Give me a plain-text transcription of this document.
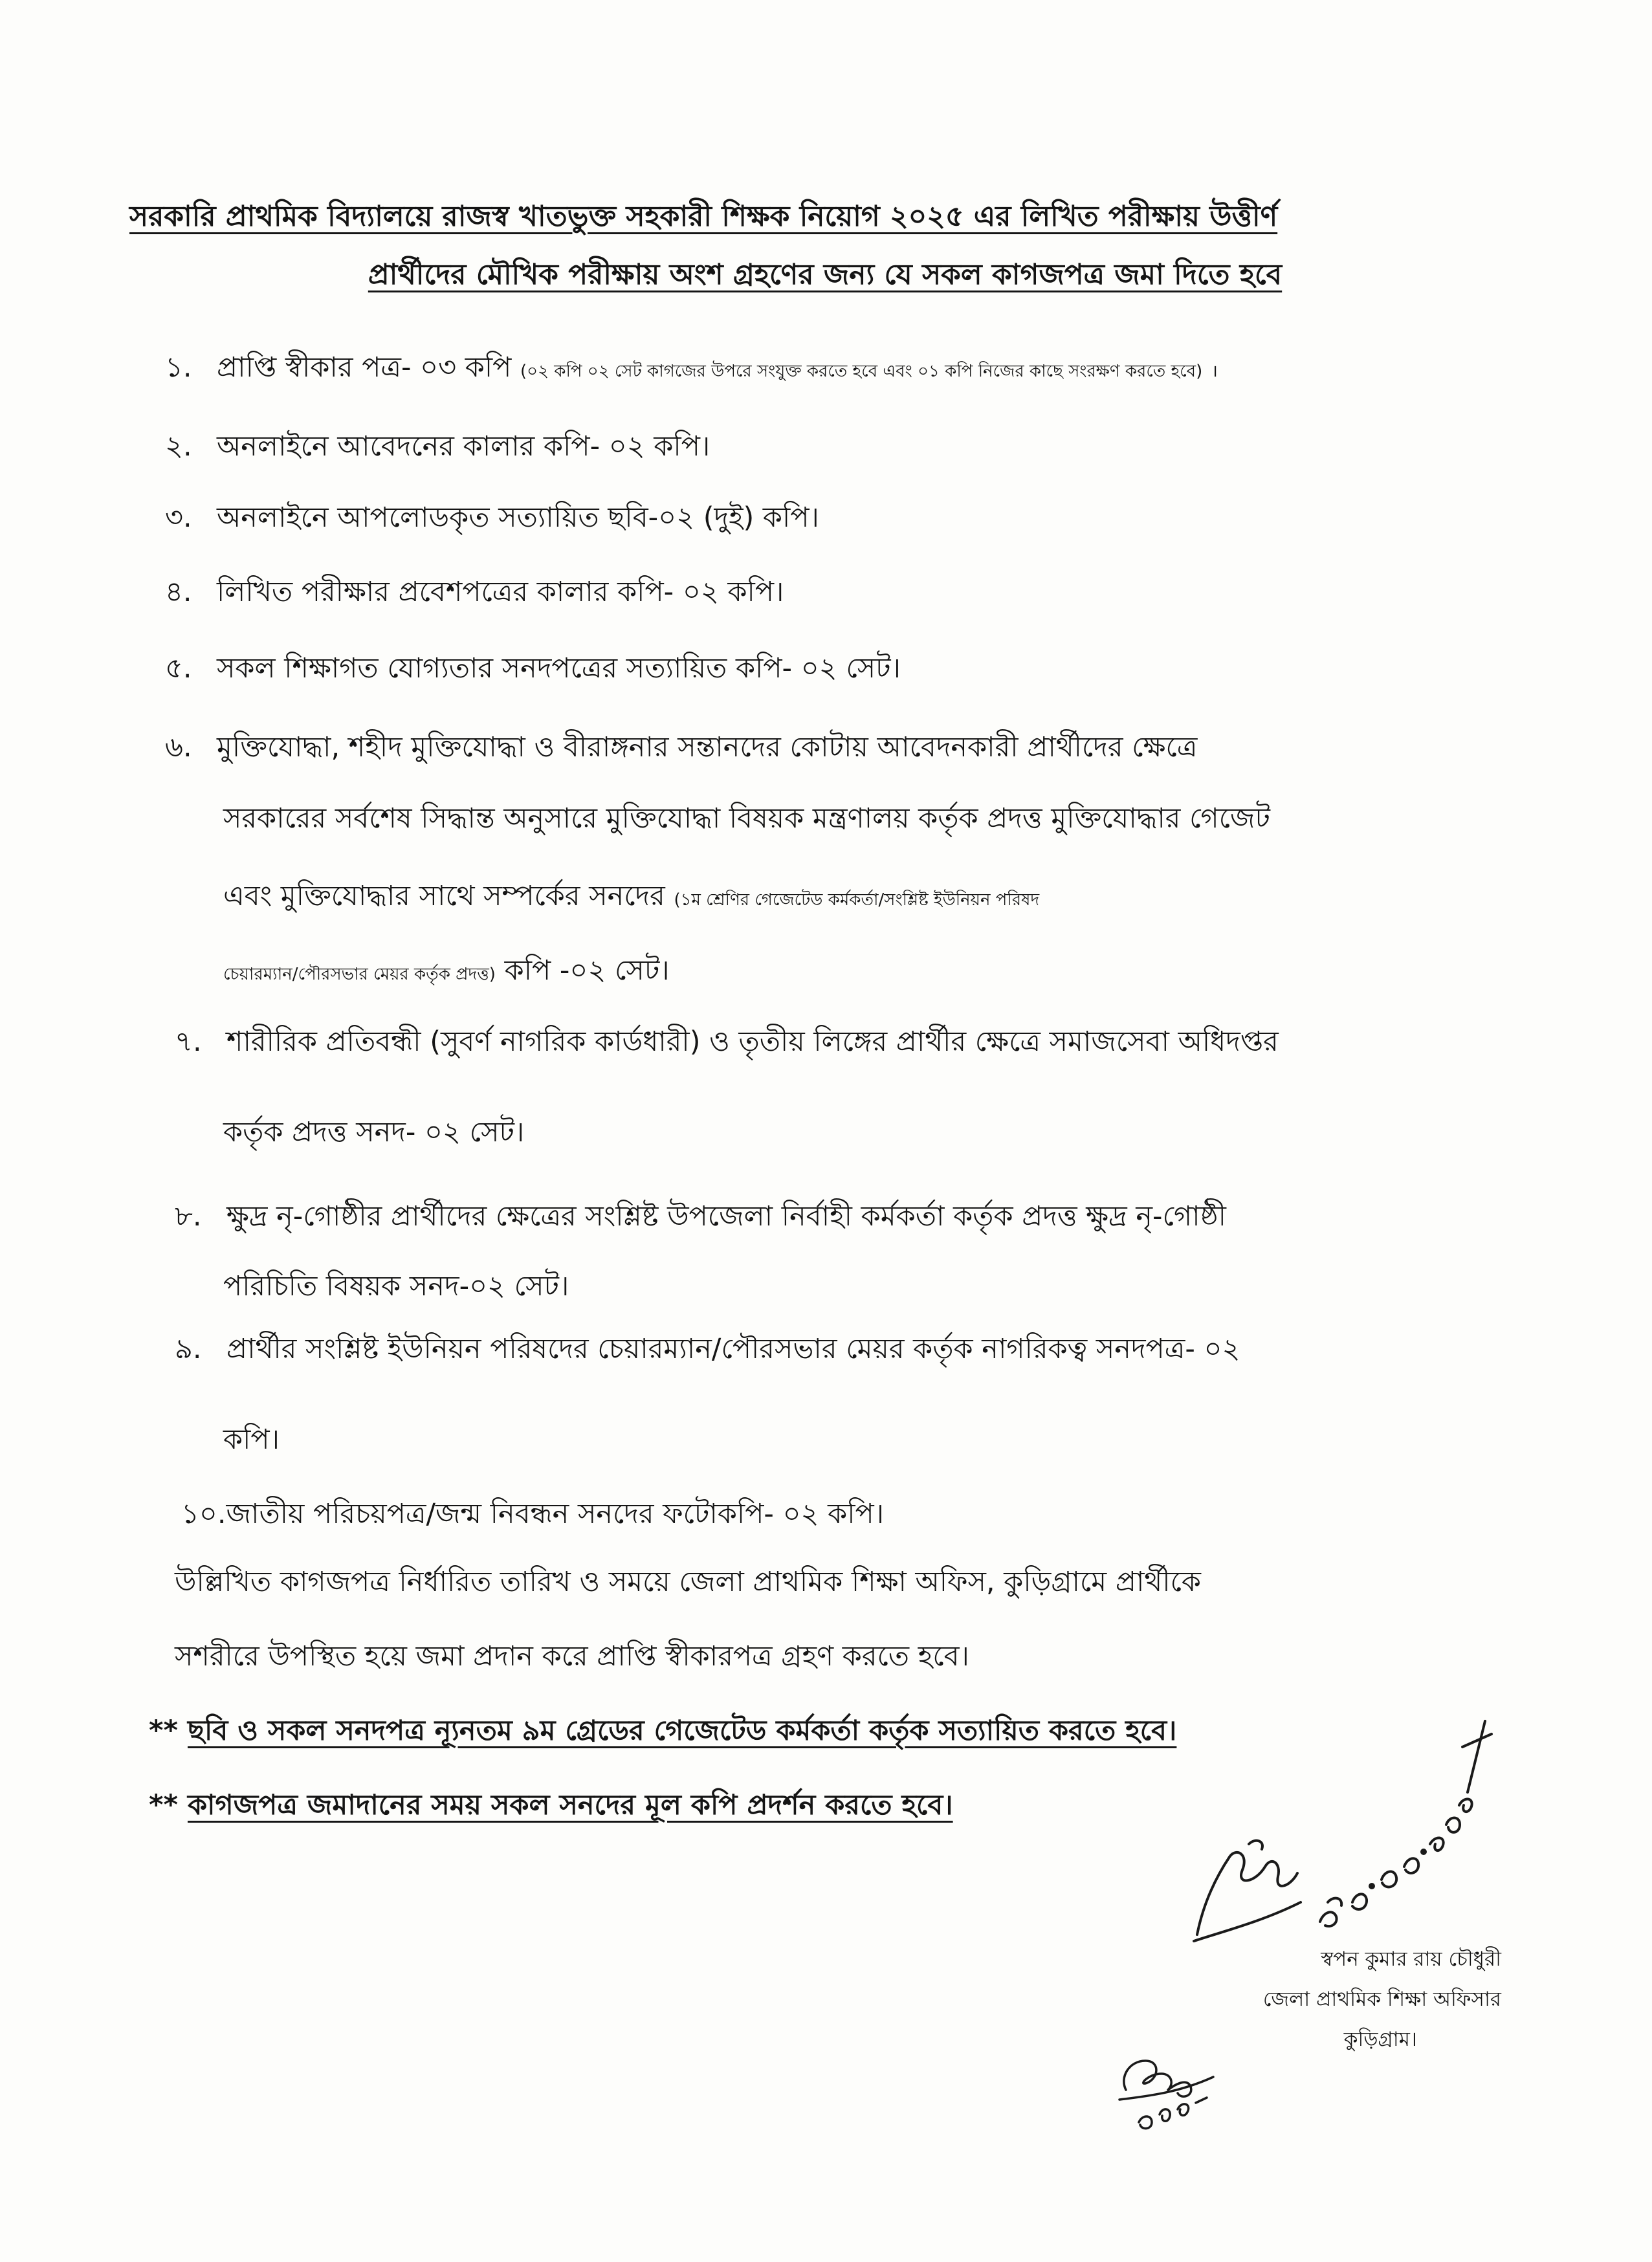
সরকারি প্রাথমিক বিদ্যালয়ে রাজস্ব খাতভুক্ত সহকারী শিক্ষক নিয়োগ ২০২৫ এর লিখিত পরীক্ষায় উত্তীর্ণ
প্রার্থীদের মৌখিক পরীক্ষায় অংশ গ্রহণের জন্য যে সকল কাগজপত্র জমা দিতে হবে
১. প্রাপ্তি স্বীকার পত্র- ০৩ কপি (০২ কপি ০২ সেট কাগজের উপরে সংযুক্ত করতে হবে এবং ০১ কপি নিজের কাছে সংরক্ষণ করতে হবে) ।
২. অনলাইনে আবেদনের কালার কপি- ০২ কপি।
৩. অনলাইনে আপলোডকৃত সত্যায়িত ছবি-০২ (দুই) কপি।
৪. লিখিত পরীক্ষার প্রবেশপত্রের কালার কপি- ০২ কপি।
৫. সকল শিক্ষাগত যোগ্যতার সনদপত্রের সত্যায়িত কপি- ০২ সেট।
৬. মুক্তিযোদ্ধা, শহীদ মুক্তিযোদ্ধা ও বীরাঙ্গনার সন্তানদের কোটায় আবেদনকারী প্রার্থীদের ক্ষেত্রে
সরকারের সর্বশেষ সিদ্ধান্ত অনুসারে মুক্তিযোদ্ধা বিষয়ক মন্ত্রণালয় কর্তৃক প্রদত্ত মুক্তিযোদ্ধার গেজেট
এবং মুক্তিযোদ্ধার সাথে সম্পর্কের সনদের (১ম শ্রেণির গেজেটেড কর্মকর্তা/সংশ্লিষ্ট ইউনিয়ন পরিষদ
চেয়ারম্যান/পৌরসভার মেয়র কর্তৃক প্রদত্ত) কপি -০২ সেট।
৭. শারীরিক প্রতিবন্ধী (সুবর্ণ নাগরিক কার্ডধারী) ও তৃতীয় লিঙ্গের প্রার্থীর ক্ষেত্রে সমাজসেবা অধিদপ্তর
কর্তৃক প্রদত্ত সনদ- ০২ সেট।
৮. ক্ষুদ্র নৃ-গোষ্ঠীর প্রার্থীদের ক্ষেত্রের সংশ্লিষ্ট উপজেলা নির্বাহী কর্মকর্তা কর্তৃক প্রদত্ত ক্ষুদ্র নৃ-গোষ্ঠী
পরিচিতি বিষয়ক সনদ-০২ সেট।
৯. প্রার্থীর সংশ্লিষ্ট ইউনিয়ন পরিষদের চেয়ারম্যান/পৌরসভার মেয়র কর্তৃক নাগরিকত্ব সনদপত্র- ০২
কপি।
১০.জাতীয় পরিচয়পত্র/জন্ম নিবন্ধন সনদের ফটোকপি- ০২ কপি।
উল্লিখিত কাগজপত্র নির্ধারিত তারিখ ও সময়ে জেলা প্রাথমিক শিক্ষা অফিস, কুড়িগ্রামে প্রার্থীকে
সশরীরে উপস্থিত হয়ে জমা প্রদান করে প্রাপ্তি স্বীকারপত্র গ্রহণ করতে হবে।
** ছবি ও সকল সনদপত্র ন্যূনতম ৯ম গ্রেডের গেজেটেড কর্মকর্তা কর্তৃক সত্যায়িত করতে হবে।
** কাগজপত্র জমাদানের সময় সকল সনদের মূল কপি প্রদর্শন করতে হবে।
স্বপন কুমার রায় চৌধুরী
জেলা প্রাথমিক শিক্ষা অফিসার
কুড়িগ্রাম।
